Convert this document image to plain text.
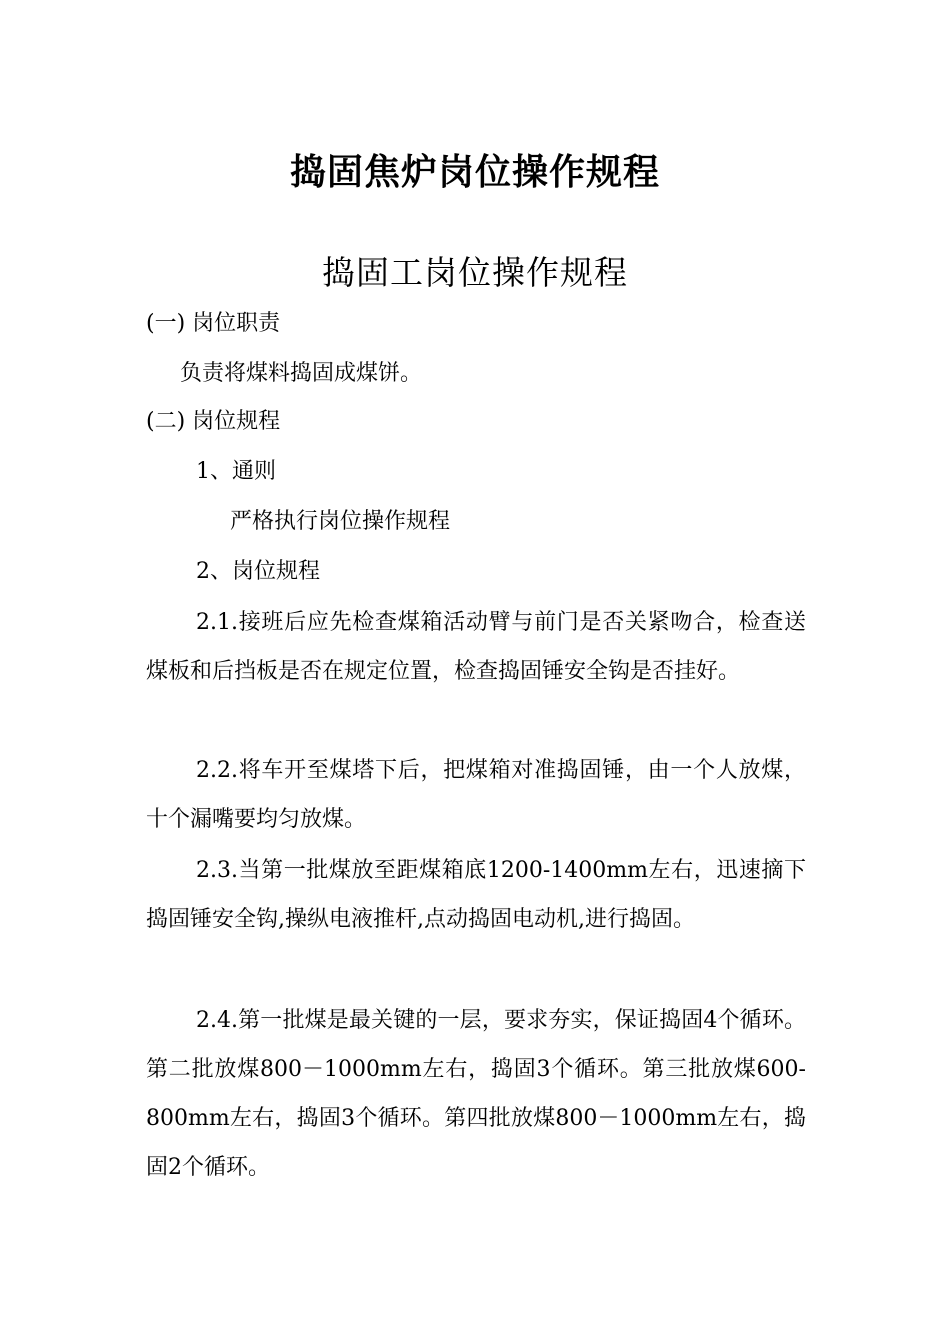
捣固焦炉岗位操作规程
捣固工岗位操作规程
(一) 岗位职责
负责将煤料捣固成煤饼。
(二) 岗位规程
1、通则
严格执行岗位操作规程
2、岗位规程
2.1.接班后应先检查煤箱活动臂与前门是否关紧吻合，检查送煤板和后挡板是否在规定位置，检查捣固锤安全钩是否挂好。
2.2.将车开至煤塔下后，把煤箱对准捣固锤，由一个人放煤，十个漏嘴要均匀放煤。
2.3.当第一批煤放至距煤箱底1200-1400mm左右，迅速摘下捣固锤安全钩,操纵电液推杆,点动捣固电动机,进行捣固。
2.4.第一批煤是最关键的一层，要求夯实，保证捣固4个循环。第二批放煤800－1000mm左右，捣固3个循环。第三批放煤600-800mm左右，捣固3个循环。第四批放煤800－1000mm左右，捣固2个循环。
